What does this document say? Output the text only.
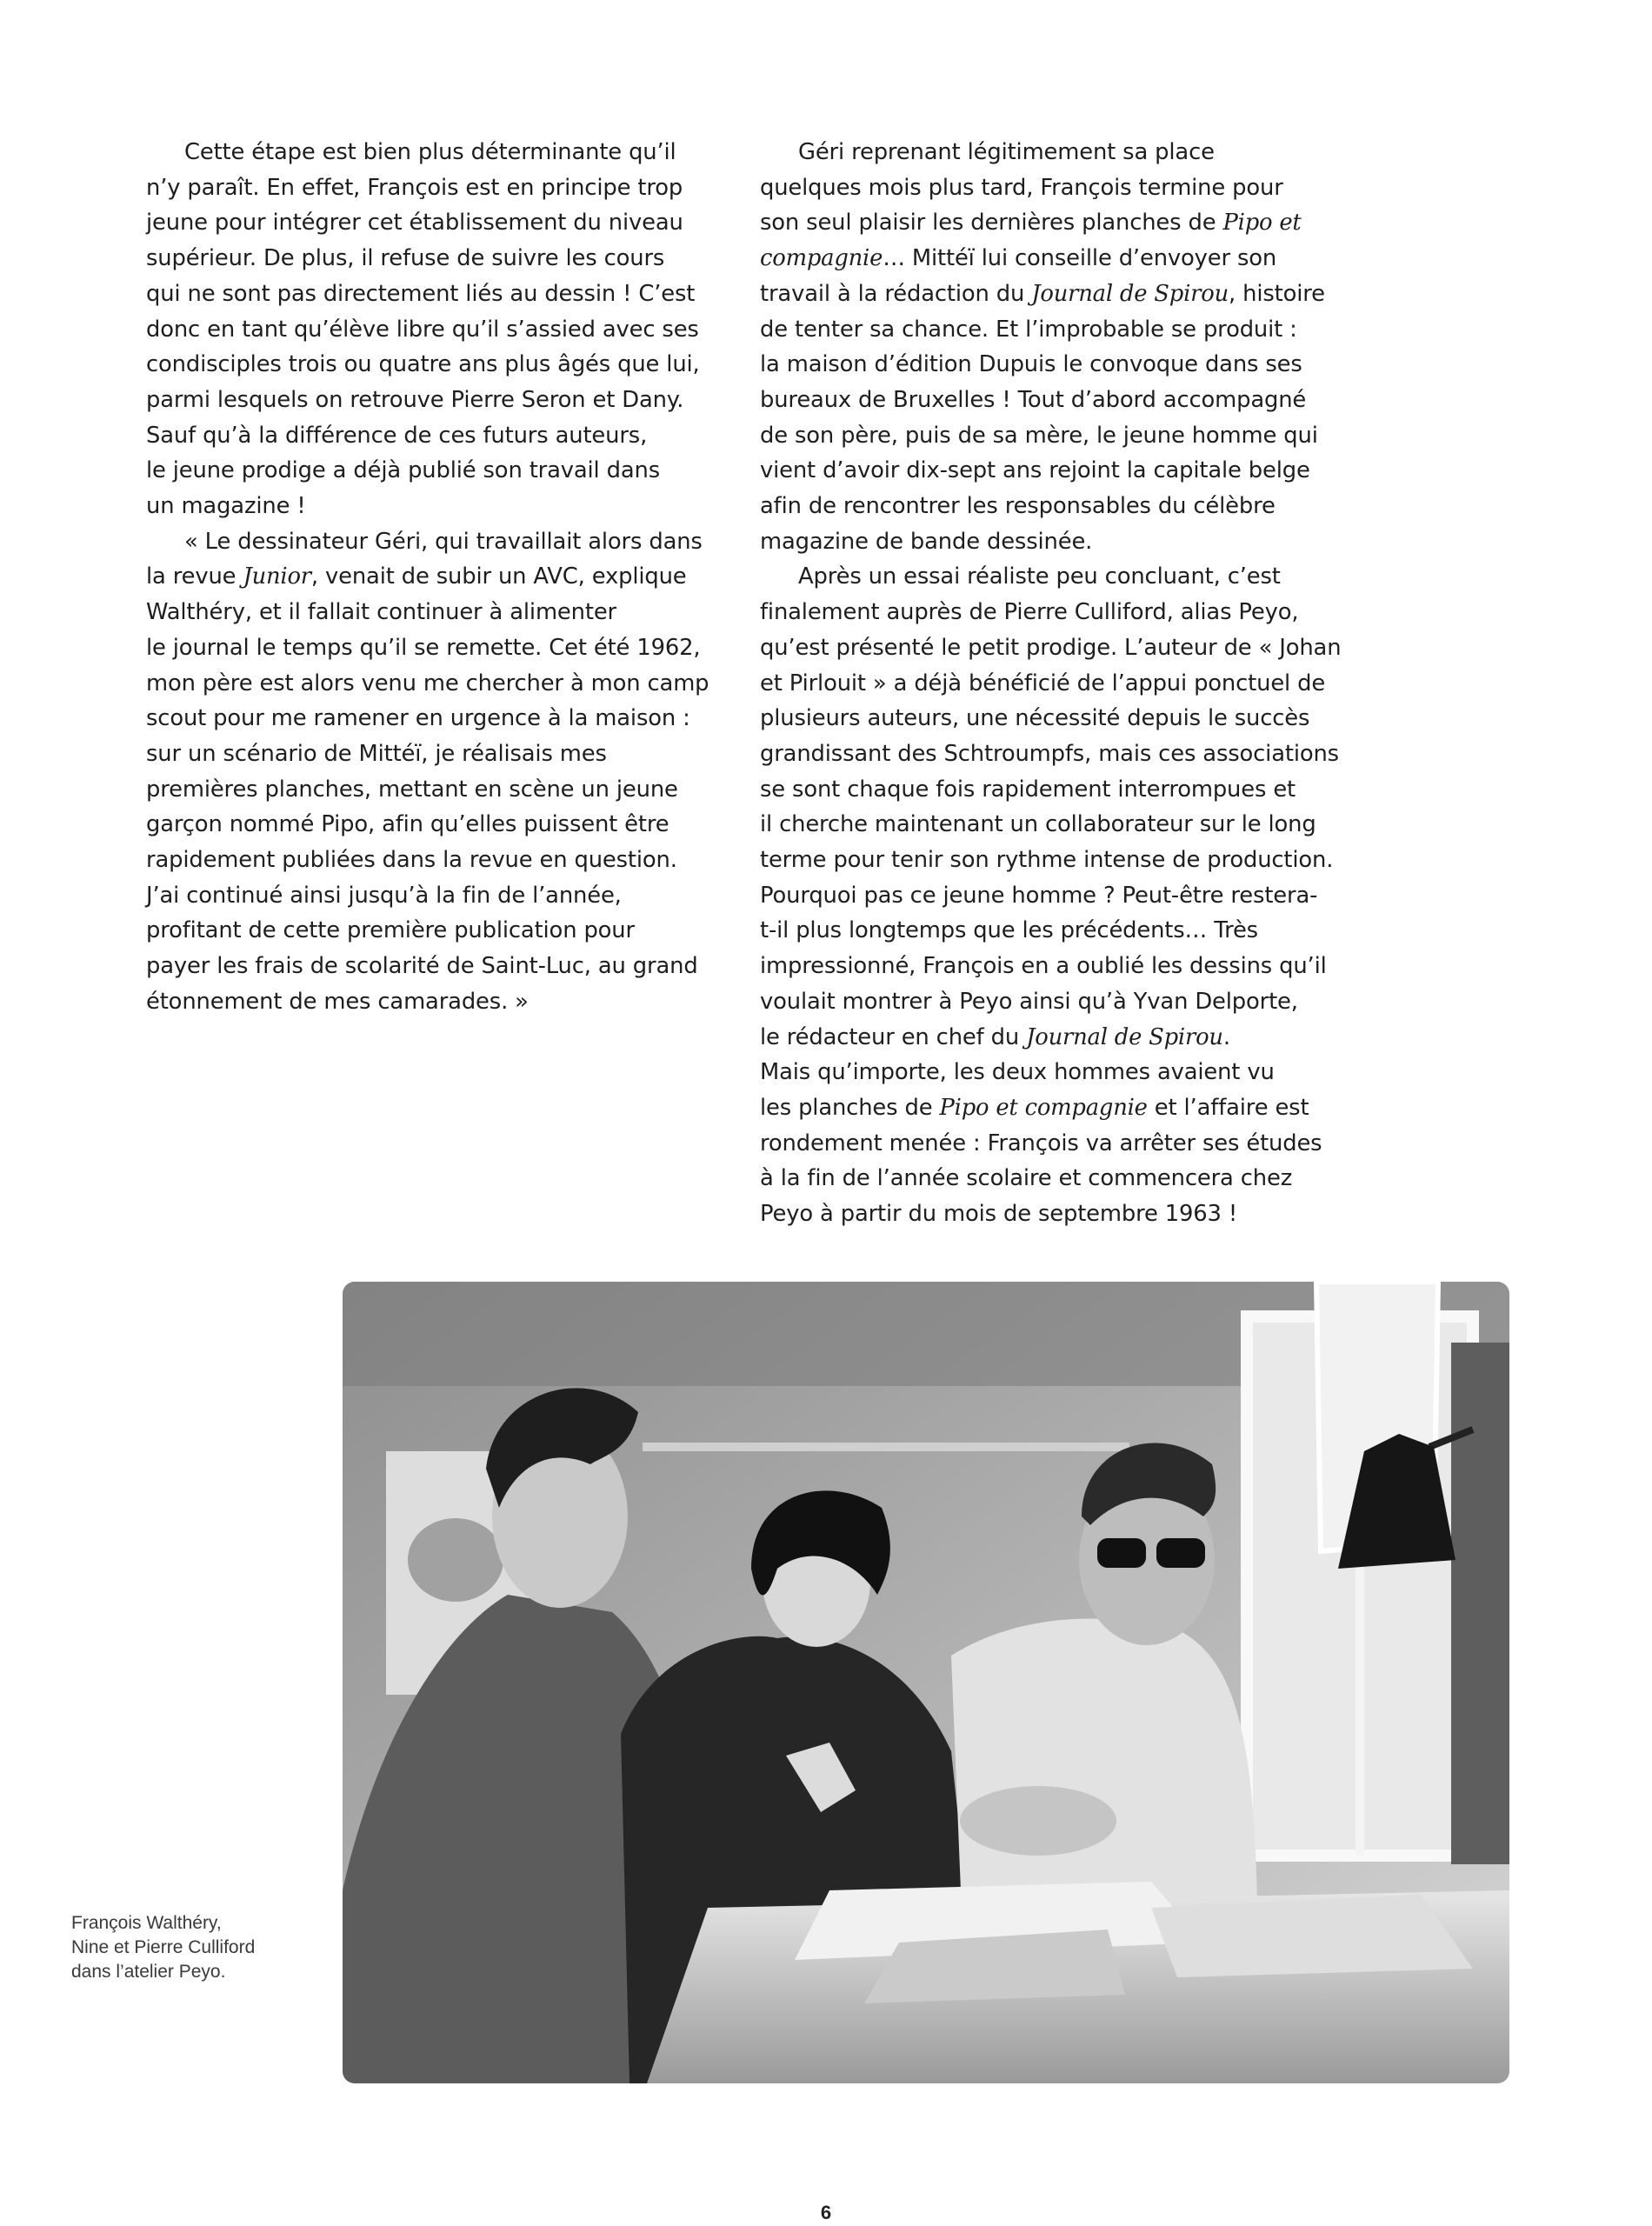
Cette étape est bien plus déterminante qu’il
n’y paraît. En effet, François est en principe trop
jeune pour intégrer cet établissement du niveau
supérieur. De plus, il refuse de suivre les cours
qui ne sont pas directement liés au dessin ! C’est
donc en tant qu’élève libre qu’il s’assied avec ses
condisciples trois ou quatre ans plus âgés que lui,
parmi lesquels on retrouve Pierre Seron et Dany.
Sauf qu’à la différence de ces futurs auteurs,
le jeune prodige a déjà publié son travail dans
un magazine !

« Le dessinateur Géri, qui travaillait alors dans
la revue Junior, venait de subir un AVC, explique
Walthéry, et il fallait continuer à alimenter
le journal le temps qu’il se remette. Cet été 1962,
mon père est alors venu me chercher à mon camp
scout pour me ramener en urgence à la maison :
sur un scénario de Mittéï, je réalisais mes
premières planches, mettant en scène un jeune
garçon nommé Pipo, afin qu’elles puissent être
rapidement publiées dans la revue en question.
J’ai continué ainsi jusqu’à la fin de l’année,
profitant de cette première publication pour
payer les frais de scolarité de Saint-Luc, au grand
étonnement de mes camarades. »

Géri reprenant légitimement sa place
quelques mois plus tard, François termine pour
son seul plaisir les dernières planches de Pipo et
compagnie… Mittéï lui conseille d’envoyer son
travail à la rédaction du Journal de Spirou, histoire
de tenter sa chance. Et l’improbable se produit :
la maison d’édition Dupuis le convoque dans ses
bureaux de Bruxelles ! Tout d’abord accompagné
de son père, puis de sa mère, le jeune homme qui
vient d’avoir dix-sept ans rejoint la capitale belge
afin de rencontrer les responsables du célèbre
magazine de bande dessinée.

Après un essai réaliste peu concluant, c’est
finalement auprès de Pierre Culliford, alias Peyo,
qu’est présenté le petit prodige. L’auteur de « Johan
et Pirlouit » a déjà bénéficié de l’appui ponctuel de
plusieurs auteurs, une nécessité depuis le succès
grandissant des Schtroumpfs, mais ces associations
se sont chaque fois rapidement interrompues et
il cherche maintenant un collaborateur sur le long
terme pour tenir son rythme intense de production.
Pourquoi pas ce jeune homme ? Peut-être restera-
t-il plus longtemps que les précédents… Très
impressionné, François en a oublié les dessins qu’il
voulait montrer à Peyo ainsi qu’à Yvan Delporte,
le rédacteur en chef du Journal de Spirou.
Mais qu’importe, les deux hommes avaient vu
les planches de Pipo et compagnie et l’affaire est
rondement menée : François va arrêter ses études
à la fin de l’année scolaire et commencera chez
Peyo à partir du mois de septembre 1963 !

François Walthéry,
Nine et Pierre Culliford
dans l’atelier Peyo.
6
